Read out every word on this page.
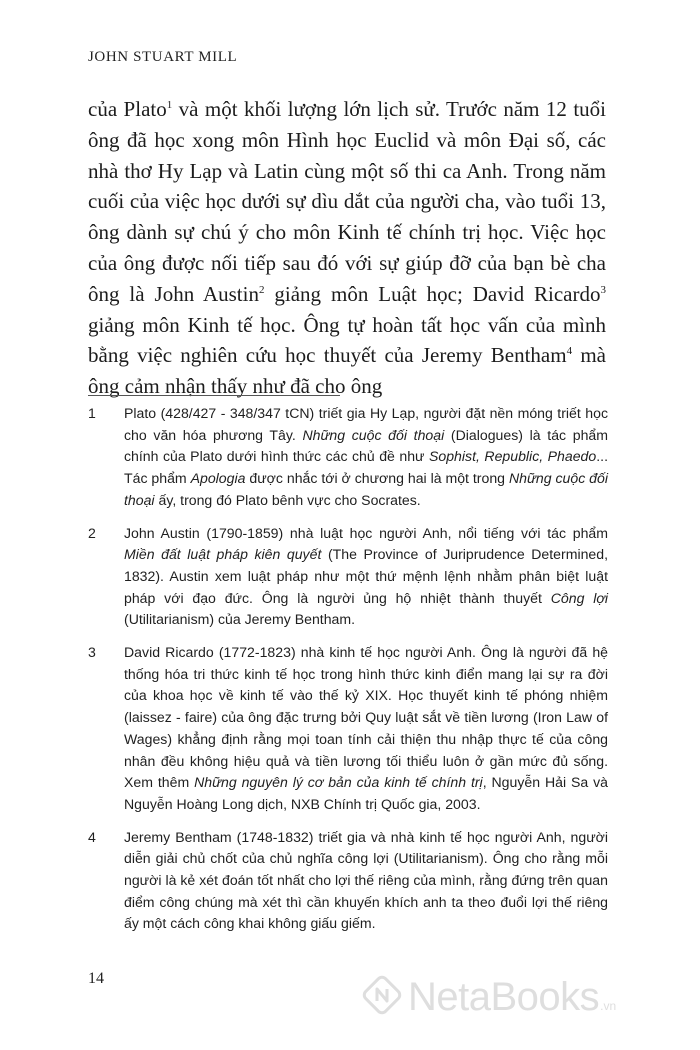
JOHN STUART MILL
của Plato$^1$ và một khối lượng lớn lịch sử. Trước năm 12 tuổi ông đã học xong môn Hình học Euclid và môn Đại số, các nhà thơ Hy Lạp và Latin cùng một số thi ca Anh. Trong năm cuối của việc học dưới sự dìu dắt của người cha, vào tuổi 13, ông dành sự chú ý cho môn Kinh tế chính trị học. Việc học của ông được nối tiếp sau đó với sự giúp đỡ của bạn bè cha ông là John Austin$^2$ giảng môn Luật học; David Ricardo$^3$ giảng môn Kinh tế học. Ông tự hoàn tất học vấn của mình bằng việc nghiên cứu học thuyết của Jeremy Bentham$^4$ mà ông cảm nhận thấy như đã cho ông
1	Plato (428/427 - 348/347 tCN) triết gia Hy Lạp, người đặt nền móng triết học cho văn hóa phương Tây. Những cuộc đối thoại (Dialogues) là tác phẩm chính của Plato dưới hình thức các chủ đề như Sophist, Republic, Phaedo... Tác phẩm Apologia được nhắc tới ở chương hai là một trong Những cuộc đối thoại ấy, trong đó Plato bênh vực cho Socrates.
2	John Austin (1790-1859) nhà luật học người Anh, nổi tiếng với tác phẩm Miền đất luật pháp kiên quyết (The Province of Juriprudence Determined, 1832). Austin xem luật pháp như một thứ mệnh lệnh nhằm phân biệt luật pháp với đạo đức. Ông là người ủng hộ nhiệt thành thuyết Công lợi (Utilitarianism) của Jeremy Bentham.
3	David Ricardo (1772-1823) nhà kinh tế học người Anh. Ông là người đã hệ thống hóa tri thức kinh tế học trong hình thức kinh điển mang lại sự ra đời của khoa học về kinh tế vào thế kỷ XIX. Học thuyết kinh tế phóng nhiệm (laissez - faire) của ông đặc trưng bởi Quy luật sắt về tiền lương (Iron Law of Wages) khẳng định rằng mọi toan tính cải thiện thu nhập thực tế của công nhân đều không hiệu quả và tiền lương tối thiểu luôn ở gần mức đủ sống. Xem thêm Những nguyên lý cơ bản của kinh tế chính trị, Nguyễn Hải Sa và Nguyễn Hoàng Long dịch, NXB Chính trị Quốc gia, 2003.
4	Jeremy Bentham (1748-1832) triết gia và nhà kinh tế học người Anh, người diễn giải chủ chốt của chủ nghĩa công lợi (Utilitarianism). Ông cho rằng mỗi người là kẻ xét đoán tốt nhất cho lợi thế riêng của mình, rằng đứng trên quan điểm công chúng mà xét thì cần khuyến khích anh ta theo đuổi lợi thế riêng ấy một cách công khai không giấu giếm.
14	NetaBooks .vn
